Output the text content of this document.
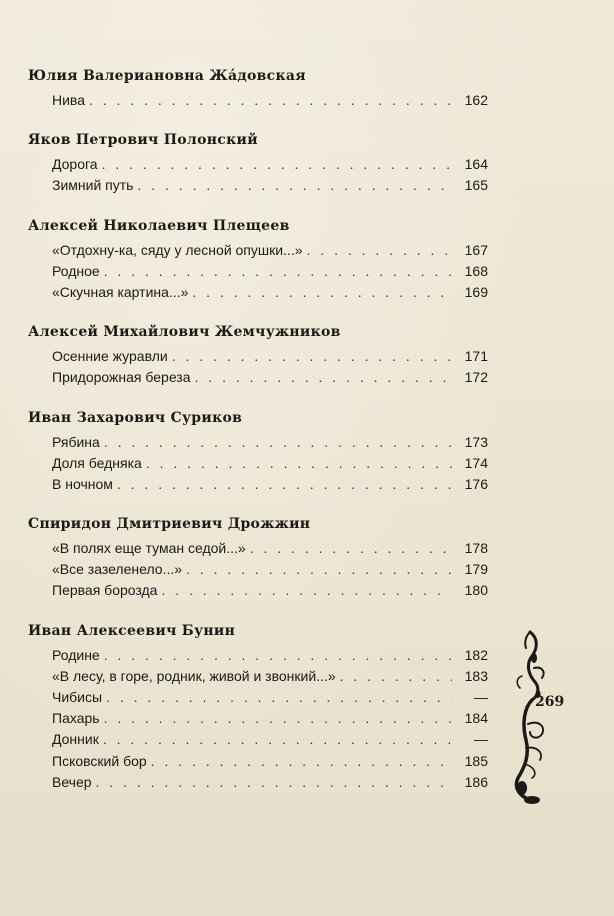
Юлия Валериановна Жáдовская
Нива . . .	162
Яков Петрович Полонский
Дорога . . .	164
Зимний путь . . .	165
Алексей Николаевич Плещеев
«Отдохну-ка, сяду у лесной опушки...» . . .	167
Родное . . .	168
«Скучная картина...» . . .	169
Алексей Михайлович Жемчужников
Осенние журавли . . .	171
Придорожная береза . . .	172
Иван Захарович Суриков
Рябина . . .	173
Доля бедняка . . .	174
В ночном . . .	176
Спиридон Дмитриевич Дрожжин
«В полях еще туман седой...» . . .	178
«Все зазеленело...» . . .	179
Первая борозда . . .	180
Иван Алексеевич Бунин
Родине . . .	182
«В лесу, в горе, родник, живой и звонкий...» . . .	183
Чибисы . . .	—
Пахарь . . .	184
Донник . . .	—
Псковский бор . . .	185
Вечер . . .	186
269
